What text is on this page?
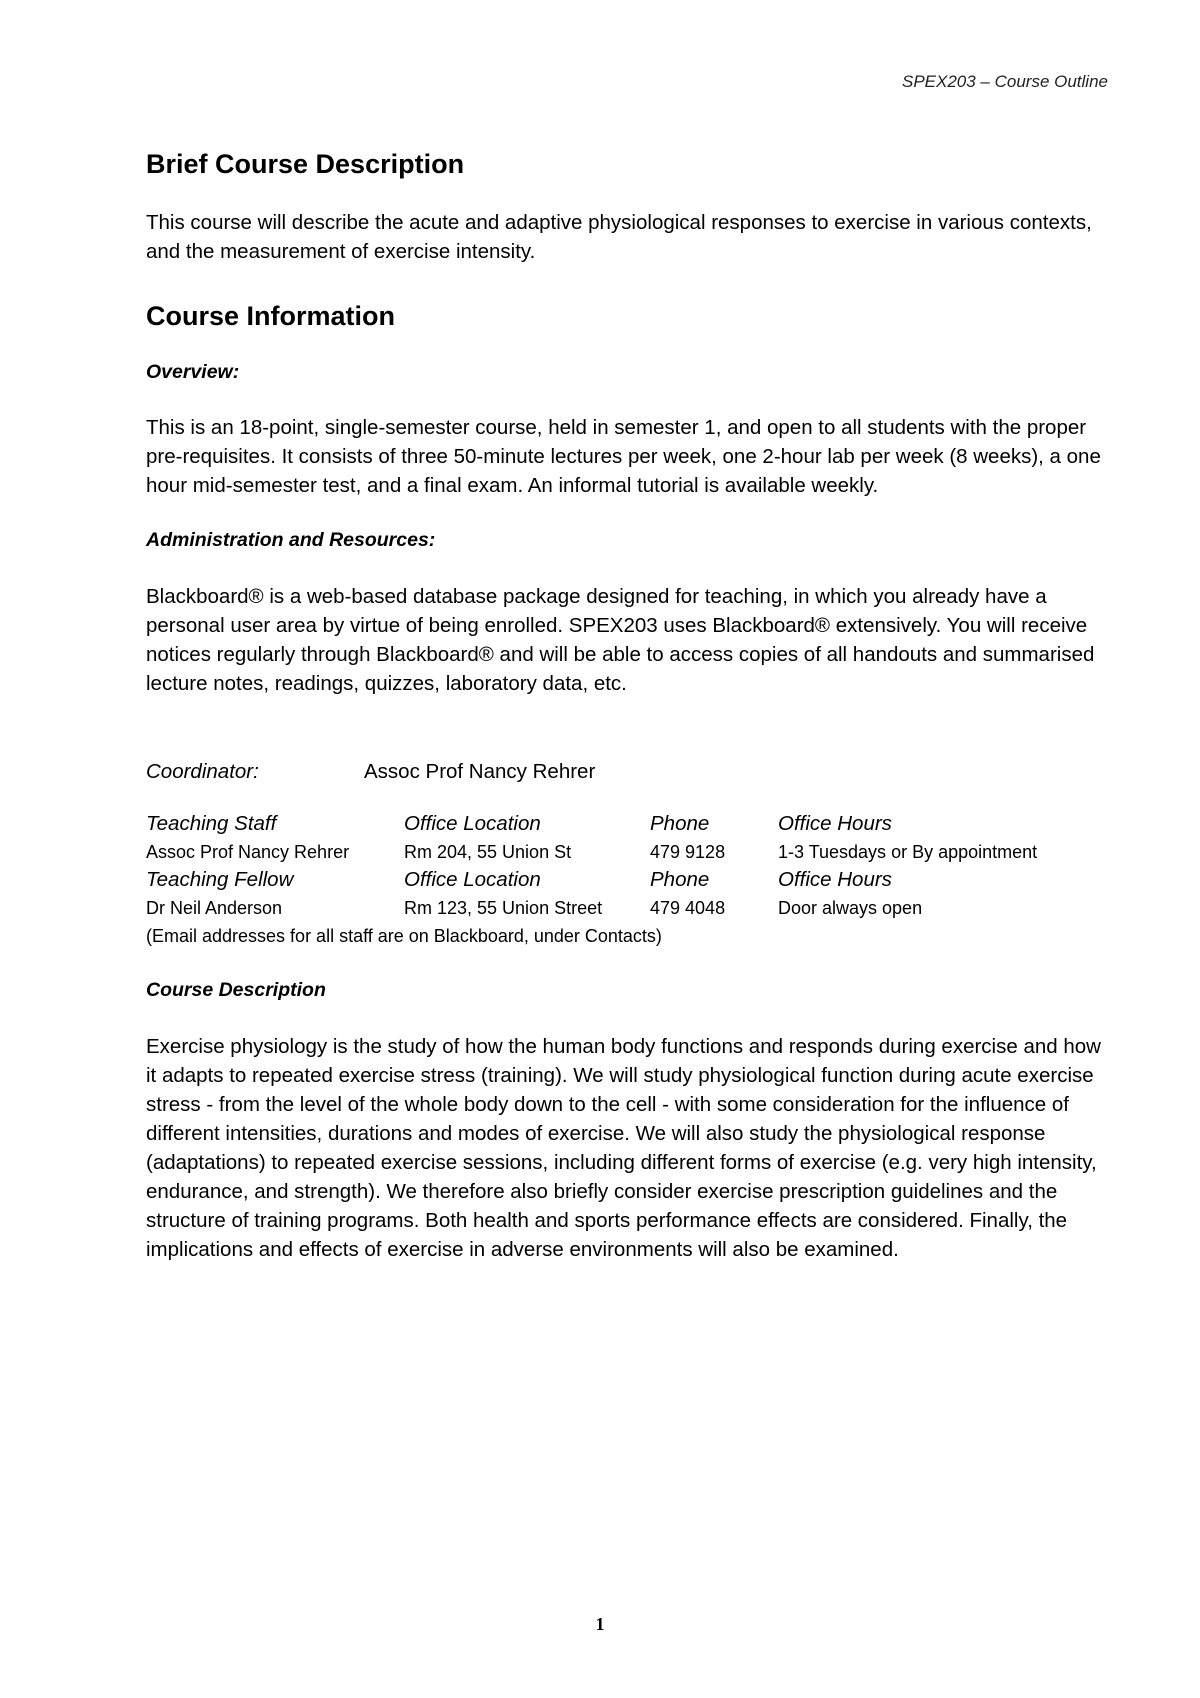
SPEX203 – Course Outline
Brief Course Description

This course will describe the acute and adaptive physiological responses to exercise in various contexts, and the measurement of exercise intensity.

Course Information
Overview:

This is an 18-point, single-semester course, held in semester 1, and open to all students with the proper pre-requisites. It consists of three 50-minute lectures per week, one 2-hour lab per week (8 weeks), a one hour mid-semester test, and a final exam. An informal tutorial is available weekly.

Administration and Resources:

Blackboard® is a web-based database package designed for teaching, in which you already have a personal user area by virtue of being enrolled. SPEX203 uses Blackboard® extensively. You will receive notices regularly through Blackboard® and will be able to access copies of all handouts and summarised lecture notes, readings, quizzes, laboratory data, etc.

Coordinator:	Assoc Prof Nancy Rehrer
Teaching Staff	Office Location	Phone	Office Hours
Assoc Prof Nancy Rehrer	Rm 204, 55 Union St	479 9128	1-3 Tuesdays or By appointment
Teaching Fellow	Office Location	Phone	Office Hours
Dr Neil Anderson	Rm 123, 55 Union Street	479 4048	Door always open
(Email addresses for all staff are on Blackboard, under Contacts)
Course Description

Exercise physiology is the study of how the human body functions and responds during exercise and how it adapts to repeated exercise stress (training). We will study physiological function during acute exercise stress - from the level of the whole body down to the cell - with some consideration for the influence of different intensities, durations and modes of exercise. We will also study the physiological response (adaptations) to repeated exercise sessions, including different forms of exercise (e.g. very high intensity, endurance, and strength). We therefore also briefly consider exercise prescription guidelines and the structure of training programs. Both health and sports performance effects are considered. Finally, the implications and effects of exercise in adverse environments will also be examined.

1
